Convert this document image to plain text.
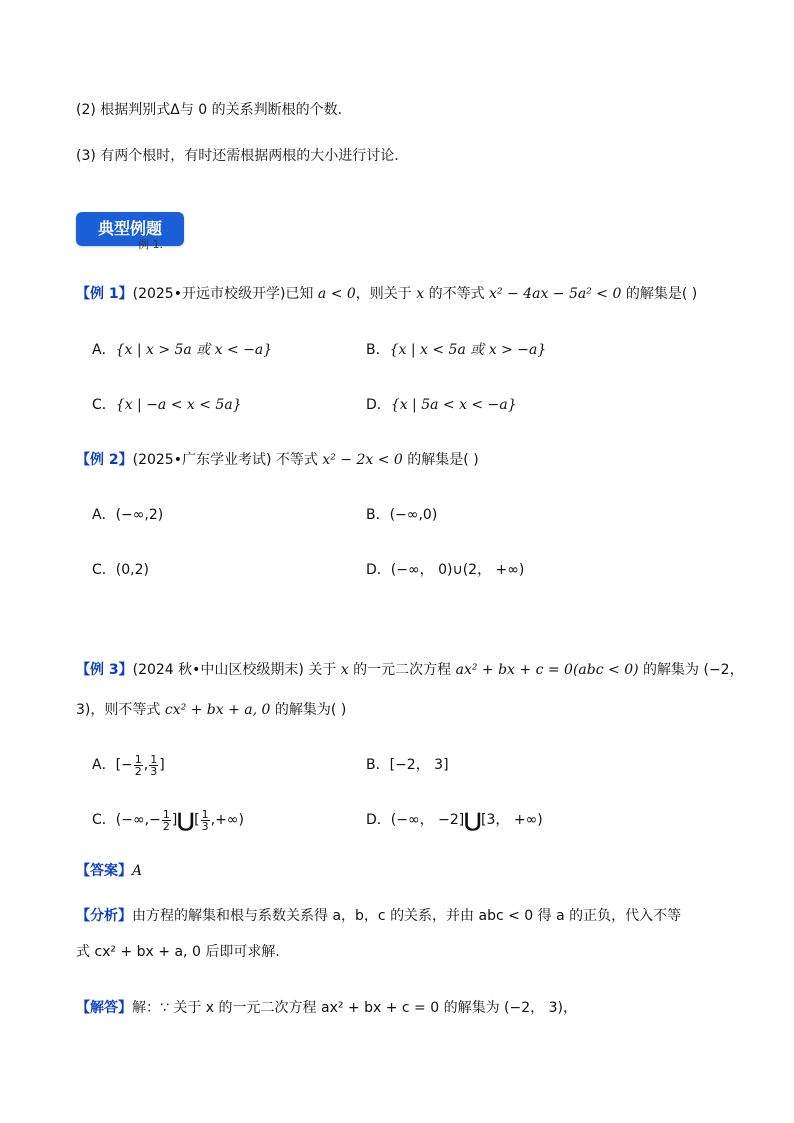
(2) 根据判别式Δ与 0 的关系判断根的个数.
(3) 有两个根时，有时还需根据两根的大小进行讨论.
典型例题
例 1.
【例 1】(2025•开远市校级开学)已知 a < 0，则关于 x 的不等式 x² − 4ax − 5a² < 0 的解集是( )
A．{x | x > 5a 或 x < −a}	B．{x | x < 5a 或 x > −a}
C．{x | −a < x < 5a}	D．{x | 5a < x < −a}
【例 2】(2025•广东学业考试) 不等式 x² − 2x < 0 的解集是( )
A．(−∞,2)	B．(−∞,0)
C．(0,2)	D．(−∞， 0)∪(2， +∞)
【例 3】(2024 秋•中山区校级期末) 关于 x 的一元二次方程 ax² + bx + c = 0(abc < 0) 的解集为 (−2，
3)，则不等式 cx² + bx + a, 0 的解集为( )
A．[− $\frac{1}{2}$ , $\frac{1}{3}$ ]	B．[−2， 3]
C．(−∞,− $\frac{1}{2}$ ]⋃[ $\frac{1}{3}$ ,+∞)	D．(−∞， −2]⋃[3， +∞)
【答案】A
【分析】由方程的解集和根与系数关系得 a，b，c 的关系，并由 abc < 0 得 a 的正负，代入不等
式 cx² + bx + a, 0 后即可求解.
【解答】解：∵ 关于 x 的一元二次方程 ax² + bx + c = 0 的解集为 (−2， 3)，
